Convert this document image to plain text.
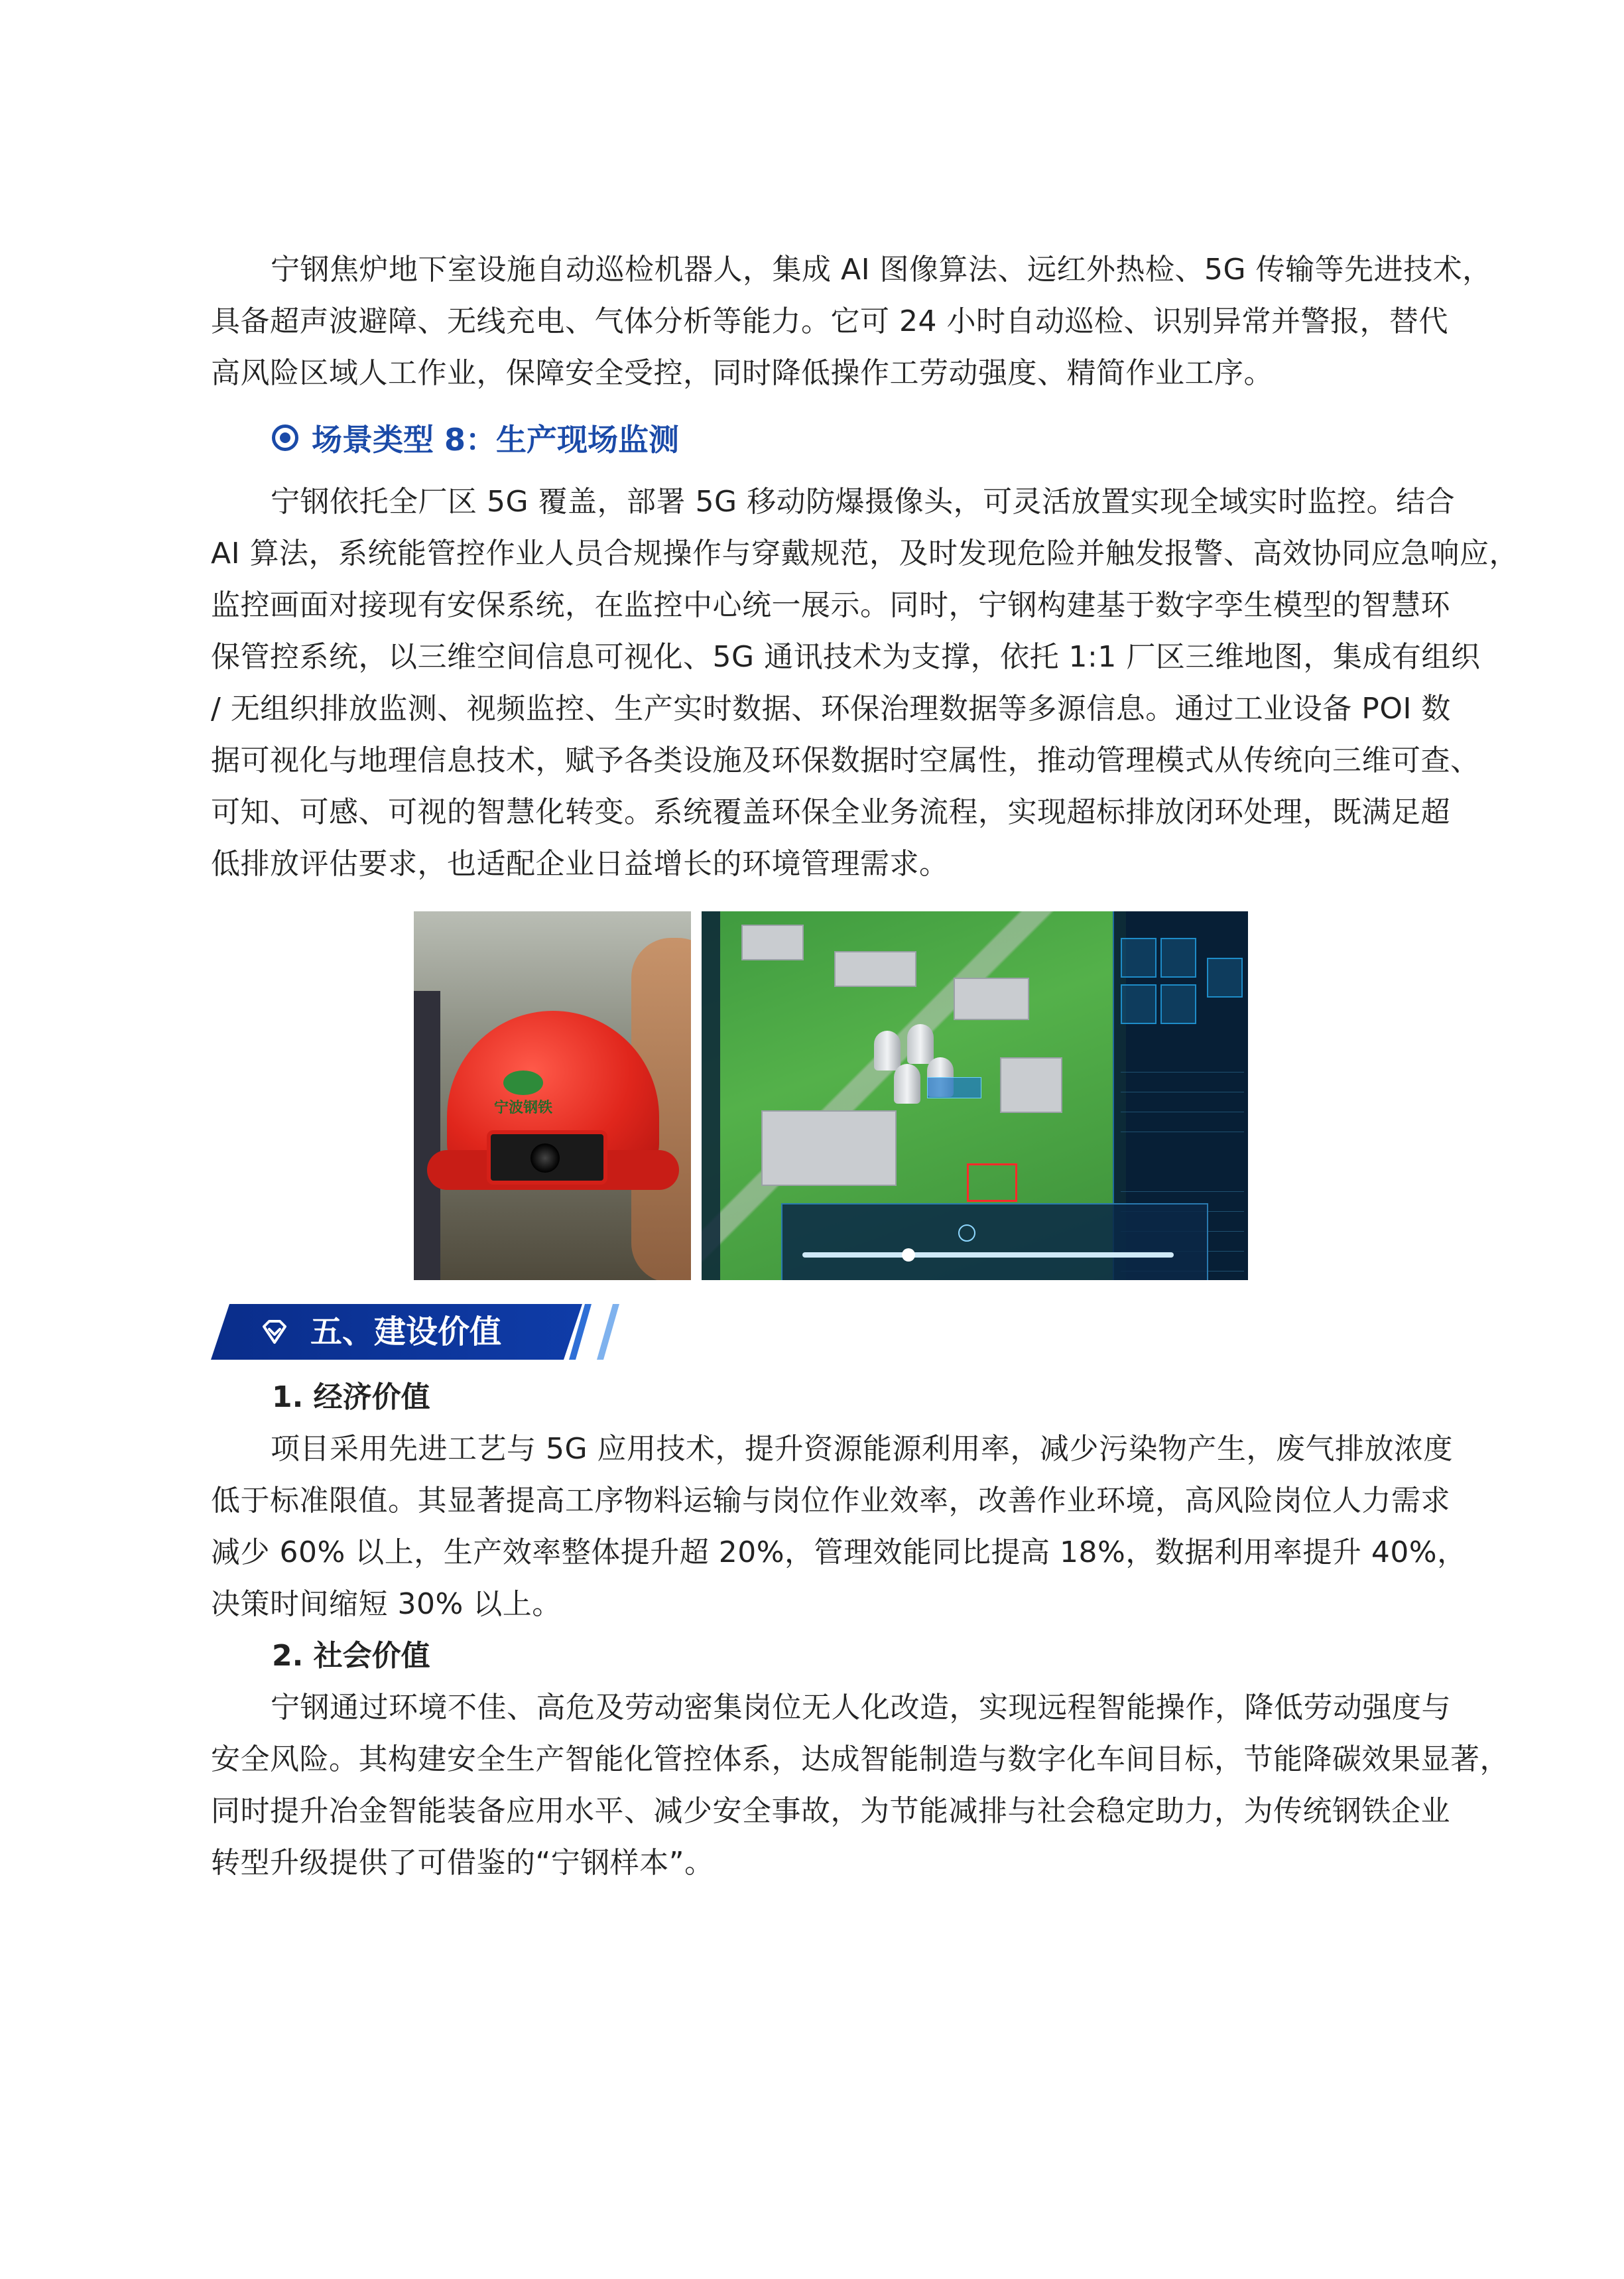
宁钢焦炉地下室设施自动巡检机器人，集成 AI 图像算法、远红外热检、5G 传输等先进技术，
具备超声波避障、无线充电、气体分析等能力。它可 24 小时自动巡检、识别异常并警报，替代
高风险区域人工作业，保障安全受控，同时降低操作工劳动强度、精简作业工序。
场景类型 8：生产现场监测
宁钢依托全厂区 5G 覆盖，部署 5G 移动防爆摄像头，可灵活放置实现全域实时监控。结合
AI 算法，系统能管控作业人员合规操作与穿戴规范，及时发现危险并触发报警、高效协同应急响应，
监控画面对接现有安保系统，在监控中心统一展示。同时，宁钢构建基于数字孪生模型的智慧环
保管控系统，以三维空间信息可视化、5G 通讯技术为支撑，依托 1:1 厂区三维地图，集成有组织
/ 无组织排放监测、视频监控、生产实时数据、环保治理数据等多源信息。通过工业设备 POI 数
据可视化与地理信息技术，赋予各类设施及环保数据时空属性，推动管理模式从传统向三维可查、
可知、可感、可视的智慧化转变。系统覆盖环保全业务流程，实现超标排放闭环处理，既满足超
低排放评估要求，也适配企业日益增长的环境管理需求。
宁波钢铁
五、建设价值
1. 经济价值
项目采用先进工艺与 5G 应用技术，提升资源能源利用率，减少污染物产生，废气排放浓度
低于标准限值。其显著提高工序物料运输与岗位作业效率，改善作业环境，高风险岗位人力需求
减少 60% 以上，生产效率整体提升超 20%，管理效能同比提高 18%，数据利用率提升 40%，
决策时间缩短 30% 以上。
2. 社会价值
宁钢通过环境不佳、高危及劳动密集岗位无人化改造，实现远程智能操作，降低劳动强度与
安全风险。其构建安全生产智能化管控体系，达成智能制造与数字化车间目标，节能降碳效果显著，
同时提升冶金智能装备应用水平、减少安全事故，为节能减排与社会稳定助力，为传统钢铁企业
转型升级提供了可借鉴的“宁钢样本”。
